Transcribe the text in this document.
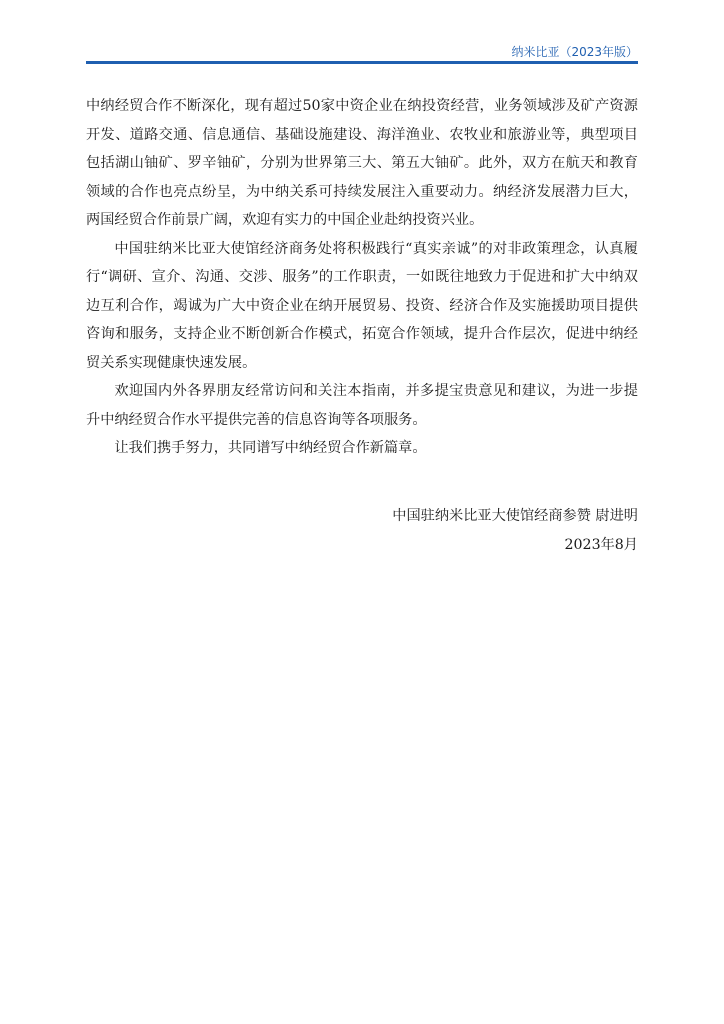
纳米比亚（2023年版）

中纳经贸合作不断深化，现有超过50家中资企业在纳投资经营，业务领域涉及矿产资源开发、道路交通、信息通信、基础设施建设、海洋渔业、农牧业和旅游业等，典型项目包括湖山铀矿、罗辛铀矿，分别为世界第三大、第五大铀矿。此外，双方在航天和教育领域的合作也亮点纷呈，为中纳关系可持续发展注入重要动力。纳经济发展潜力巨大，两国经贸合作前景广阔，欢迎有实力的中国企业赴纳投资兴业。

中国驻纳米比亚大使馆经济商务处将积极践行“真实亲诚”的对非政策理念，认真履行“调研、宣介、沟通、交涉、服务”的工作职责，一如既往地致力于促进和扩大中纳双边互利合作，竭诚为广大中资企业在纳开展贸易、投资、经济合作及实施援助项目提供咨询和服务，支持企业不断创新合作模式，拓宽合作领域，提升合作层次，促进中纳经贸关系实现健康快速发展。

欢迎国内外各界朋友经常访问和关注本指南，并多提宝贵意见和建议，为进一步提升中纳经贸合作水平提供完善的信息咨询等各项服务。

让我们携手努力，共同谱写中纳经贸合作新篇章。

中国驻纳米比亚大使馆经商参赞 尉进明
2023年8月
